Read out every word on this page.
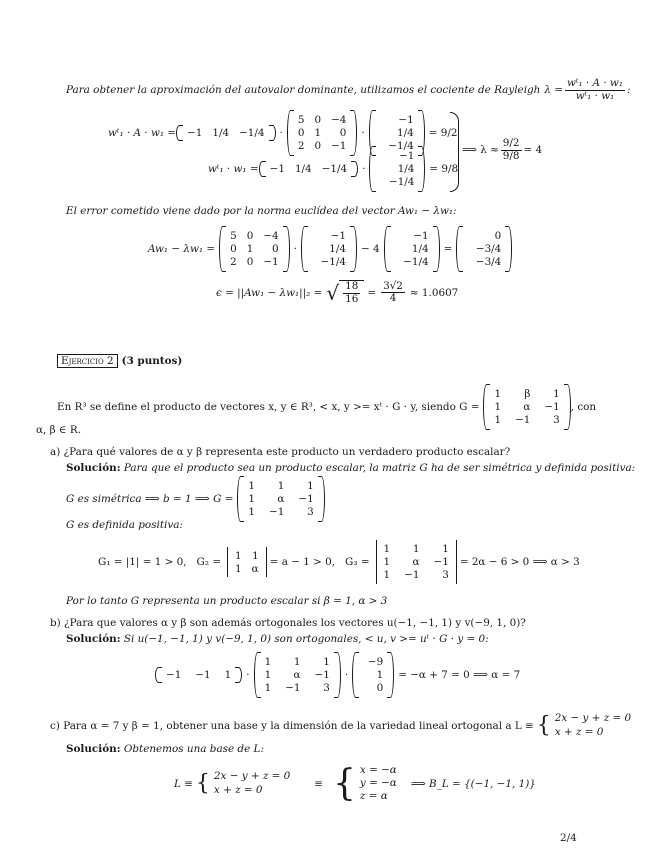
Para obtener la aproximación del autovalor dominante, utilizamos el cociente de Rayleigh $\lambda = \frac{\text{wᵗ₁ · A · w₁}}{\text{wᵗ₁ · w₁}}$ :
wᵗ₁ · A · w₁ = −1 1/4 −1/4 ·
5 0 −4
0 1	0
2 0 −1
·
−1
1/4
−1/4
= 9/2
wᵗ₁ · w₁ = −1 1/4 −1/4 ·
−1
1/4
−1/4
= 9/8
⟹ $\lambda \approx \frac{9/2}{9/8} = 4$
El error cometido viene dado por la norma euclídea del vector Aw₁ − λw₁:
Aw₁ − λw₁ =
5 0 −4
0 1	0
2 0 −1
·
−1
1/4
−1/4
− 4
−1
1/4
−1/4
=
0
−3/4
−3/4
ϵ = ||Aw₁ − λw₁||₂ = √ $\frac{18}{16} = \frac{3√2}{4} \approx 1.0607$
Ejercicio 2 (3 puntos)
En R³ se define el producto de vectores x, y ∈ R³, < x, y >= xᵗ · G · y, siendo G =
1	β	1
1	α −1
1 −1	3
, con
α, β ∈ R.
a) ¿Para qué valores de α y β representa este producto un verdadero producto escalar?
Solución: Para que el producto sea un producto escalar, la matriz G ha de ser simétrica y definida positiva:
G es simétrica ⟹ b = 1 ⟹ G =
1	1	1
1	α −1
1 −1	3
G es definida positiva:
G₁ = |1| = 1 > 0, G₂ =
1 1
1 α
= a − 1 > 0, G₃ =
1	1	1
1	α −1
1 −1	3
= 2α − 6 > 0 ⟹ α > 3
Por lo tanto G representa un producto escalar si β = 1, α > 3
b) ¿Para que valores α y β son además ortogonales los vectores u(−1, −1, 1) y v(−9, 1, 0)?
Solución: Si u(−1, −1, 1) y v(−9, 1, 0) son ortogonales, < u, v >= uᵗ · G · y = 0:
−1 −1 1 ·
1	1	1
1	α −1
1 −1	3
·
−9
1
0
= −α + 7 = 0 ⟹ α = 7
c)
Para α = 7 y β = 1, obtener una base y la dimensión de la variedad lineal ortogonal a L ≡ { 2x − y + z = 0
x + z = 0
Solución: Obtenemos una base de L:
L ≡ { 2x − y + z = 0
x + z = 0	≡ { x = −α
y = −α
z = α
⟹ B_L = {(−1, −1, 1)}
2/4
